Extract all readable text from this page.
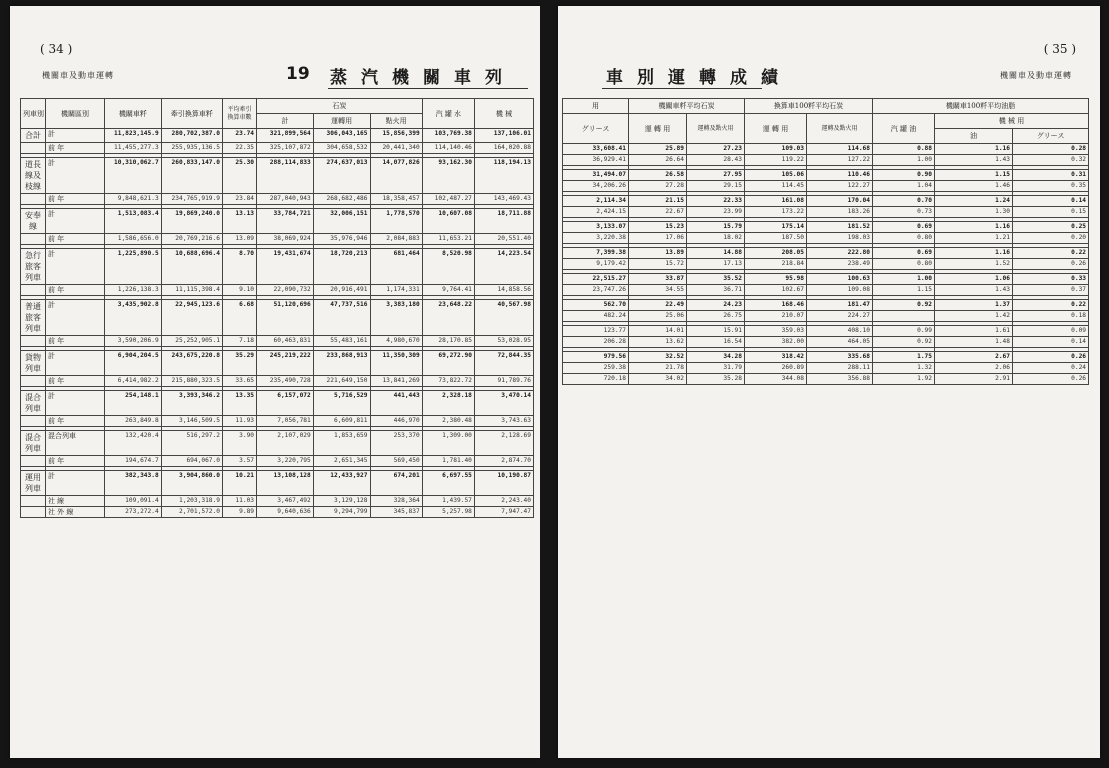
( 34 )
機關車及動車運轉	19 蒸汽機關車列
列車別	機關區別	機關車粁	牽引換算車粁	平均牽引換算車數	石炭			汽 罐 水	機 械
					計	運轉用	點火用		
合計	計	11,823,145.9	280,702,387.0	23.74	321,899,564	306,043,165	15,856,399	103,769.38	137,106.01
	前 年	11,455,277.3	255,935,136.5	22.35	325,107,872	304,658,532	20,441,340	114,140.46	164,020.88

道長線及枝線	計	10,310,062.7	260,833,147.0	25.30	288,114,833	274,637,013	14,077,826	93,162.30	118,194.13
	前 年	9,848,621.3	234,765,919.9	23.84	287,040,943	268,682,486	18,358,457	102,487.27	143,469.43

安奉線	計	1,513,083.4	19,869,240.0	13.13	33,784,721	32,006,151	1,778,570	10,607.08	18,711.88
	前 年	1,586,656.0	20,769,216.6	13.09	38,069,924	35,976,946	2,084,883	11,653.21	20,551.40

急行旅客列車	計	1,225,890.5	10,688,696.4	8.70	19,431,674	18,720,213	681,464	8,520.98	14,223.54
	前 年	1,226,138.3	11,115,398.4	9.10	22,090,732	20,916,491	1,174,331	9,764.41	14,858.56

普通旅客列車	計	3,435,902.8	22,945,123.6	6.68	51,120,696	47,737,516	3,383,180	23,648.22	40,567.98
	前 年	3,590,206.9	25,252,905.1	7.18	60,463,831	55,483,161	4,980,670	28,170.85	53,028.95

貨物列車	計	6,904,204.5	243,675,220.8	35.29	245,219,222	233,868,913	11,350,309	69,272.90	72,844.35
	前 年	6,414,982.2	215,880,323.5	33.65	235,490,728	221,649,150	13,841,269	73,822.72	91,789.76

混合列車	計	254,148.1	3,393,346.2	13.35	6,157,072	5,716,529	441,443	2,328.18	3,470.14
	前 年	263,849.8	3,146,509.5	11.93	7,056,781	6,609,811	446,970	2,380.48	3,743.63

混合列車	混合列車	132,420.4	516,297.2	3.90	2,107,029	1,853,659	253,370	1,309.00	2,128.69
	前 年	194,674.7	694,067.0	3.57	3,220,795	2,651,345	569,450	1,781.40	2,874.70

運用列車	計	382,343.8	3,904,860.0	10.21	13,108,128	12,433,927	674,201	6,697.55	10,190.87
	社 線	109,091.4	1,203,318.9	11.03	3,467,492	3,129,128	328,364	1,439.57	2,243.40
	社 外 線	273,272.4	2,701,572.0	9.89	9,640,636	9,294,799	345,837	5,257.98	7,947.47
( 35 )
機關車及動車運轉
車別運轉成績
用	機關車粁平均石炭		換算車100粁平均石炭		機關車100粁平均油脂		
グリース	運 轉 用	運轉及點火用	運 轉 用	運轉及點火用	汽 罐 油	機 械 用	
						油	グリース
33,608.41	25.89	27.23	109.03	114.68	0.88	1.16	0.28
36,929.41	26.64	28.43	119.22	127.22	1.00	1.43	0.32

31,494.07	26.58	27.95	105.06	110.46	0.90	1.15	0.31
34,206.26	27.28	29.15	114.45	122.27	1.04	1.46	0.35

2,114.34	21.15	22.33	161.08	170.04	0.70	1.24	0.14
2,424.15	22.67	23.99	173.22	183.26	0.73	1.30	0.15

3,133.07	15.23	15.79	175.14	181.52	0.69	1.16	0.25
3,220.38	17.06	18.02	187.50	198.03	0.80	1.21	0.20

7,399.38	13.89	14.88	208.05	222.80	0.69	1.16	0.22
9,179.42	15.72	17.13	218.84	238.49	0.80	1.52	0.26

22,515.27	33.87	35.52	95.98	100.63	1.00	1.06	0.33
23,747.26	34.55	36.71	102.67	109.08	1.15	1.43	0.37

562.70	22.49	24.23	168.46	181.47	0.92	1.37	0.22
482.24	25.06	26.75	210.07	224.27		1.42	0.18

123.77	14.01	15.91	359.03	408.10	0.99	1.61	0.09
206.28	13.62	16.54	382.00	464.05	0.92	1.48	0.14

979.56	32.52	34.28	318.42	335.68	1.75	2.67	0.26
259.38	21.78	31.79	260.89	288.11	1.32	2.06	0.24
720.18	34.02	35.28	344.08	356.88	1.92	2.91	0.26
